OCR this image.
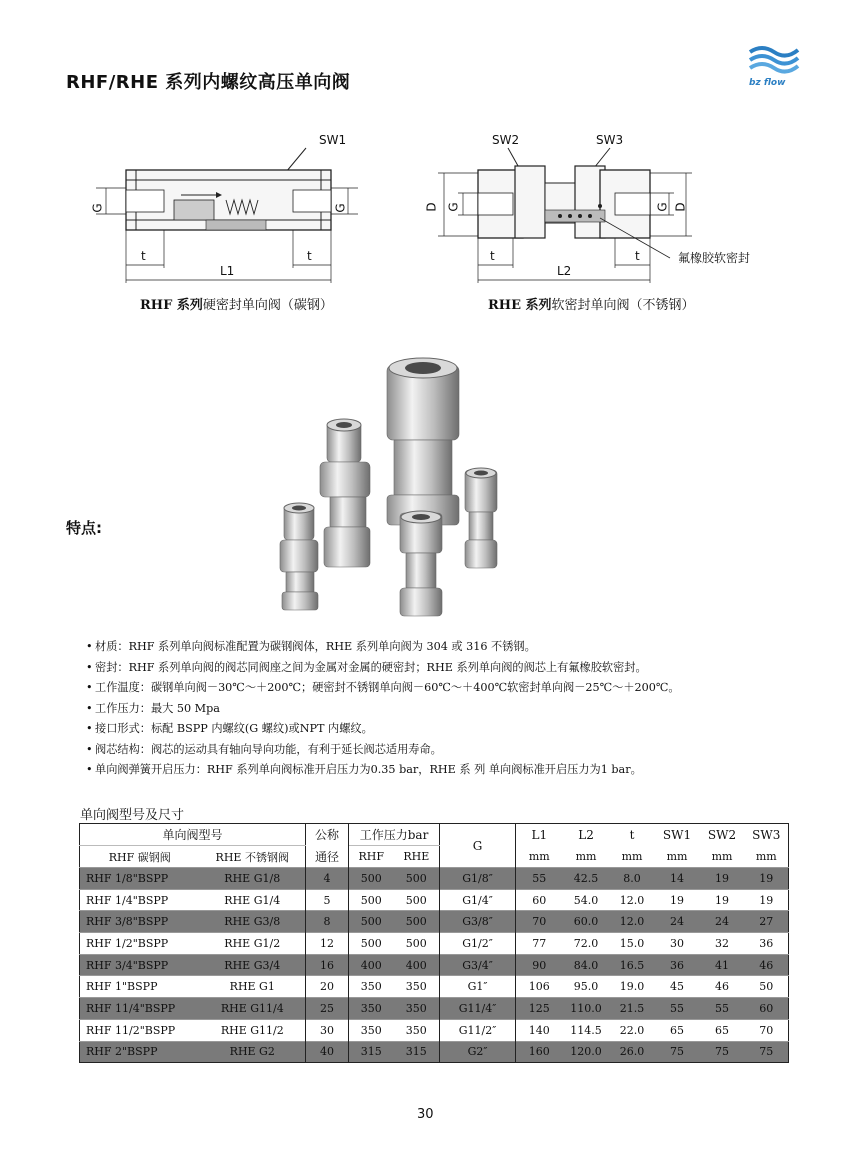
RHF/RHE 系列内螺纹高压单向阀	bz flow
SW1
G	G
t	t
L1
RHF 系列硬密封单向阀（碳钢）
SW2	SW3
D G	G D
t	t
L2
氟橡胶软密封
RHE 系列软密封单向阀（不锈钢）
特点:
• 材质：RHF 系列单向阀标准配置为碳钢阀体，RHE 系列单向阀为 304 或 316 不锈钢。
• 密封：RHF 系列单向阀的阀芯同阀座之间为金属对金属的硬密封；RHE 系列单向阀的阀芯上有氟橡胶软密封。
• 工作温度：碳钢单向阀－30℃～＋200℃；硬密封不锈钢单向阀－60℃～＋400℃软密封单向阀－25℃～＋200℃。
• 工作压力：最大 50 Mpa
• 接口形式：标配 BSPP 内螺纹(G 螺纹)或NPT 内螺纹。
• 阀芯结构：阀芯的运动具有轴向导向功能，有利于延长阀芯适用寿命。
• 单向阀弹簧开启压力：RHF 系列单向阀标准开启压力为0.35 bar，RHE 系 列 单向阀标准开启压力为1 bar。
单向阀型号及尺寸
单向阀型号		公称	工作压力bar		G	L1	L2	t	SW1	SW2	SW3
RHF 碳钢阀	RHE 不锈钢阀	通径	RHF	RHE		mm	mm	mm	mm	mm	mm
RHF 1/8"BSPP	RHE G1/8	4	500	500	G1/8″	55	42.5	8.0	14	19	19
RHF 1/4"BSPP	RHE G1/4	5	500	500	G1/4″	60	54.0	12.0	19	19	19
RHF 3/8"BSPP	RHE G3/8	8	500	500	G3/8″	70	60.0	12.0	24	24	27
RHF 1/2"BSPP	RHE G1/2	12	500	500	G1/2″	77	72.0	15.0	30	32	36
RHF 3/4"BSPP	RHE G3/4	16	400	400	G3/4″	90	84.0	16.5	36	41	46
RHF 1"BSPP	RHE G1	20	350	350	G1″	106	95.0	19.0	45	46	50
RHF 11/4"BSPP	RHE G11/4	25	350	350	G11/4″	125	110.0	21.5	55	55	60
RHF 11/2"BSPP	RHE G11/2	30	350	350	G11/2″	140	114.5	22.0	65	65	70
RHF 2"BSPP	RHE G2	40	315	315	G2″	160	120.0	26.0	75	75	75
30
